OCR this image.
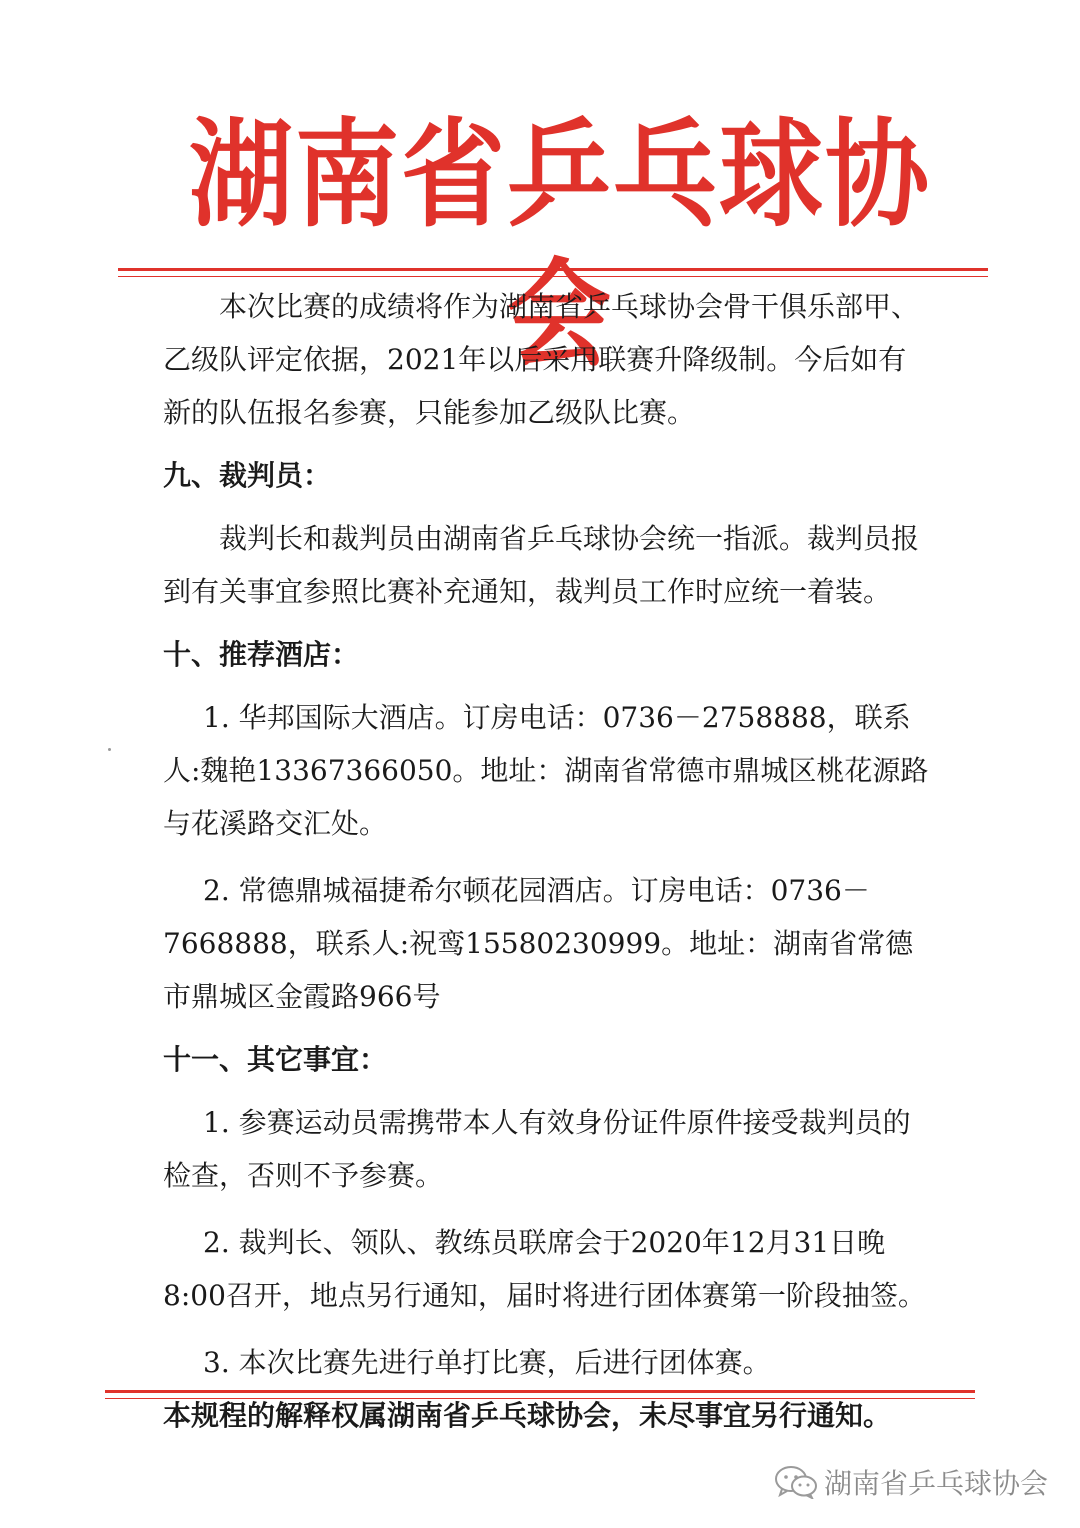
湖南省乒乓球协会

本次比赛的成绩将作为湖南省乒乓球协会骨干俱乐部甲、乙级队评定依据，2021年以后采用联赛升降级制。今后如有新的队伍报名参赛，只能参加乙级队比赛。

九、裁判员：

裁判长和裁判员由湖南省乒乓球协会统一指派。裁判员报到有关事宜参照比赛补充通知，裁判员工作时应统一着装。

十、推荐酒店：

1. 华邦国际大酒店。订房电话：0736－2758888，联系人:魏艳13367366050。地址：湖南省常德市鼎城区桃花源路与花溪路交汇处。

2. 常德鼎城福捷希尔顿花园酒店。订房电话：0736－7668888，联系人:祝鸾15580230999。地址：湖南省常德市鼎城区金霞路966号

十一、其它事宜：

1. 参赛运动员需携带本人有效身份证件原件接受裁判员的检查，否则不予参赛。

2. 裁判长、领队、教练员联席会于2020年12月31日晚8:00召开，地点另行通知，届时将进行团体赛第一阶段抽签。

3. 本次比赛先进行单打比赛，后进行团体赛。

本规程的解释权属湖南省乒乓球协会，未尽事宜另行通知。

湖南省乒乓球协会
